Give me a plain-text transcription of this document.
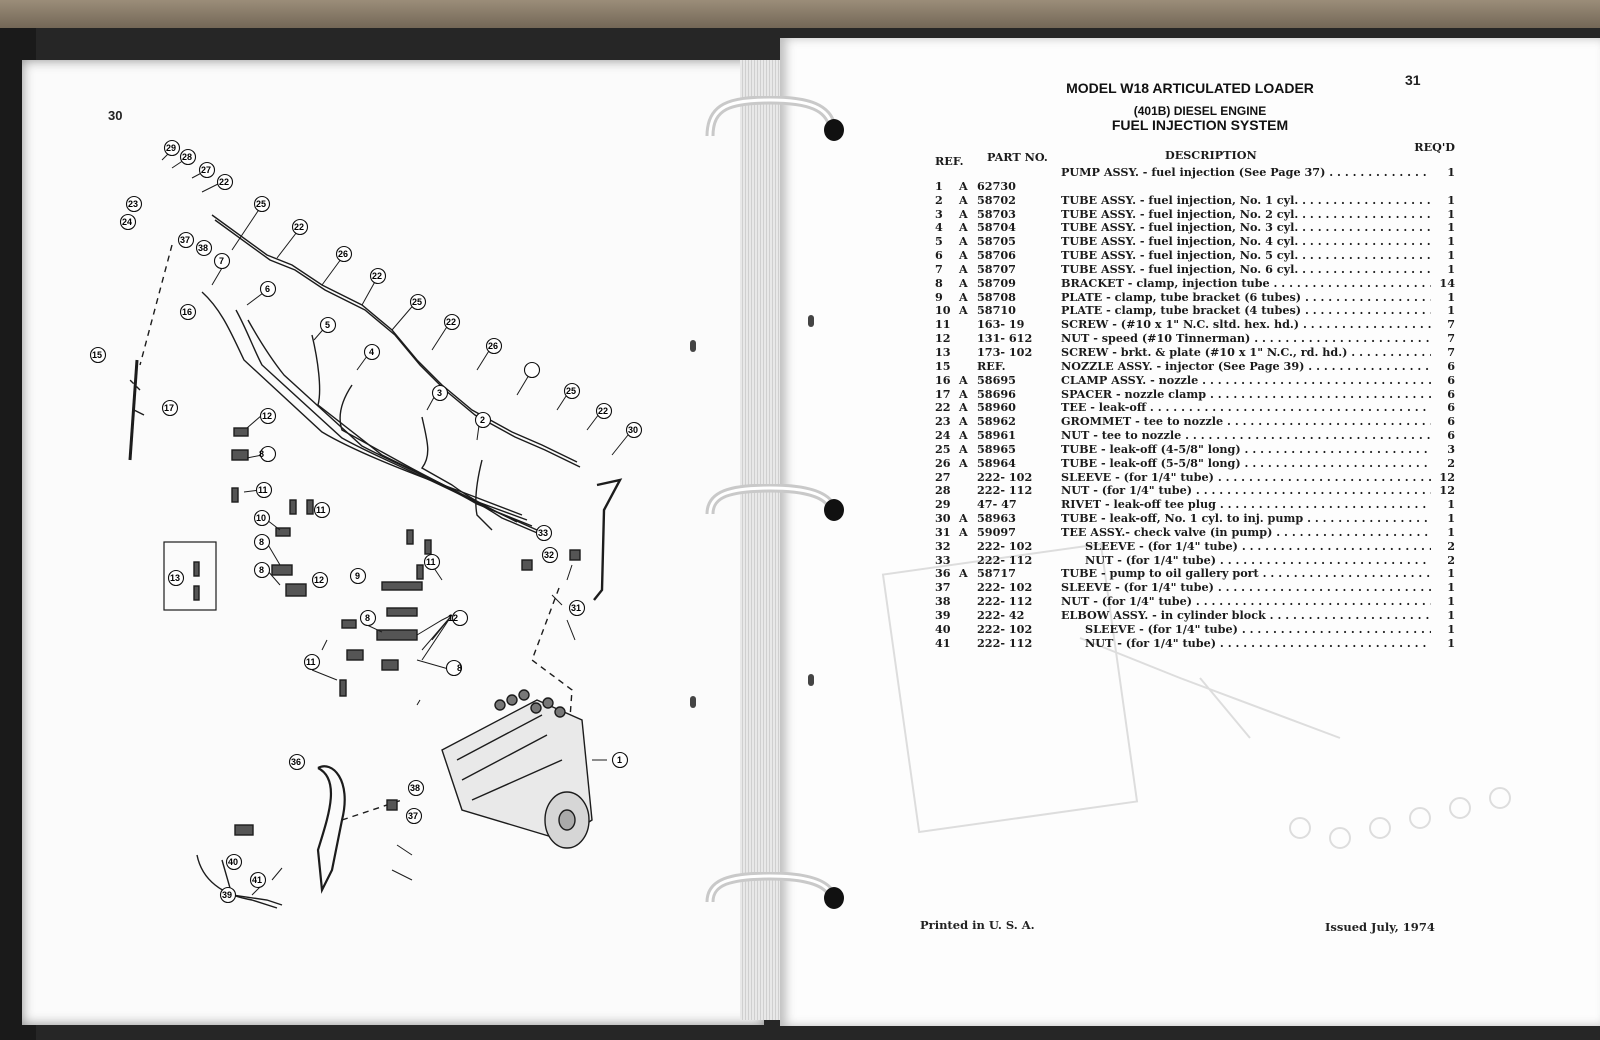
30
1
2
3
4
5
6
7
8
8
8
8
8
10
11
11
11
11
12
12
12
13
15
16
17
22
22
22
22
22
23
24
25
25
25
26
26
27
28
29
30
31
32
33
36
37
37
38
38
39
40
41
9
MODEL W18 ARTICULATED LOADER	31
(401B) DIESEL ENGINE
FUEL INJECTION SYSTEM
Printed in U. S. A.	Issued July, 1974
REF. PART NO.	DESCRIPTION
REQ'D
PUMP ASSY. - fuel injection (See Page 37) . . .	1
1	A 62730
2	A 58702	TUBE ASSY. - fuel injection, No. 1 cyl. . . .	1
3	A 58703	TUBE ASSY. - fuel injection, No. 2 cyl. . . .	1
4	A 58704	TUBE ASSY. - fuel injection, No. 3 cyl. . . .	1
5	A 58705	TUBE ASSY. - fuel injection, No. 4 cyl. . . .	1
6	A 58706	TUBE ASSY. - fuel injection, No. 5 cyl. . . .	1
7	A 58707	TUBE ASSY. - fuel injection, No. 6 cyl. . . .	1
8	A 58709	BRACKET - clamp, injection tube . . .	14
9	A 58708	PLATE - clamp, tube bracket (6 tubes) . . .	1
10 A 58710	PLATE - clamp, tube bracket (4 tubes) . . .	1
11	163- 19	SCREW - (#10 x 1" N.C. sltd. hex. hd.) . . .	7
12	131- 612	NUT - speed (#10 Tinnerman) . . .	7
13	173- 102	SCREW - brkt. & plate (#10 x 1" N.C., rd. hd.) . . .	7
15	REF.	NOZZLE ASSY. - injector (See Page 39) . . .	6
16 A 58695	CLAMP ASSY. - nozzle . . .	6
17 A 58696	SPACER - nozzle clamp . . .	6
22 A 58960	TEE - leak-off . . .	6
23 A 58962	GROMMET - tee to nozzle . . .	6
24 A 58961	NUT - tee to nozzle . . .	6
25 A 58965	TUBE - leak-off (4-5/8" long) . . .	3
26 A 58964	TUBE - leak-off (5-5/8" long) . . .	2
27	222- 102	SLEEVE - (for 1/4" tube) . . .	12
28	222- 112	NUT - (for 1/4" tube) . . .	12
29	47- 47	RIVET - leak-off tee plug . . .	1
30 A 58963	TUBE - leak-off, No. 1 cyl. to inj. pump . . .	1
31 A 59097	TEE ASSY.- check valve (in pump) . . .	1
32	222- 102	SLEEVE - (for 1/4" tube) . . .	2
33	222- 112	NUT - (for 1/4" tube) . . .	2
36 A 58717	TUBE - pump to oil gallery port . . .	1
37	222- 102	SLEEVE - (for 1/4" tube) . . .	1
38	222- 112	NUT - (for 1/4" tube) . . .	1
39	222- 42	ELBOW ASSY. - in cylinder block . . .	1
40	222- 102	SLEEVE - (for 1/4" tube) . . .	1
41	222- 112	NUT - (for 1/4" tube) . . .	1
